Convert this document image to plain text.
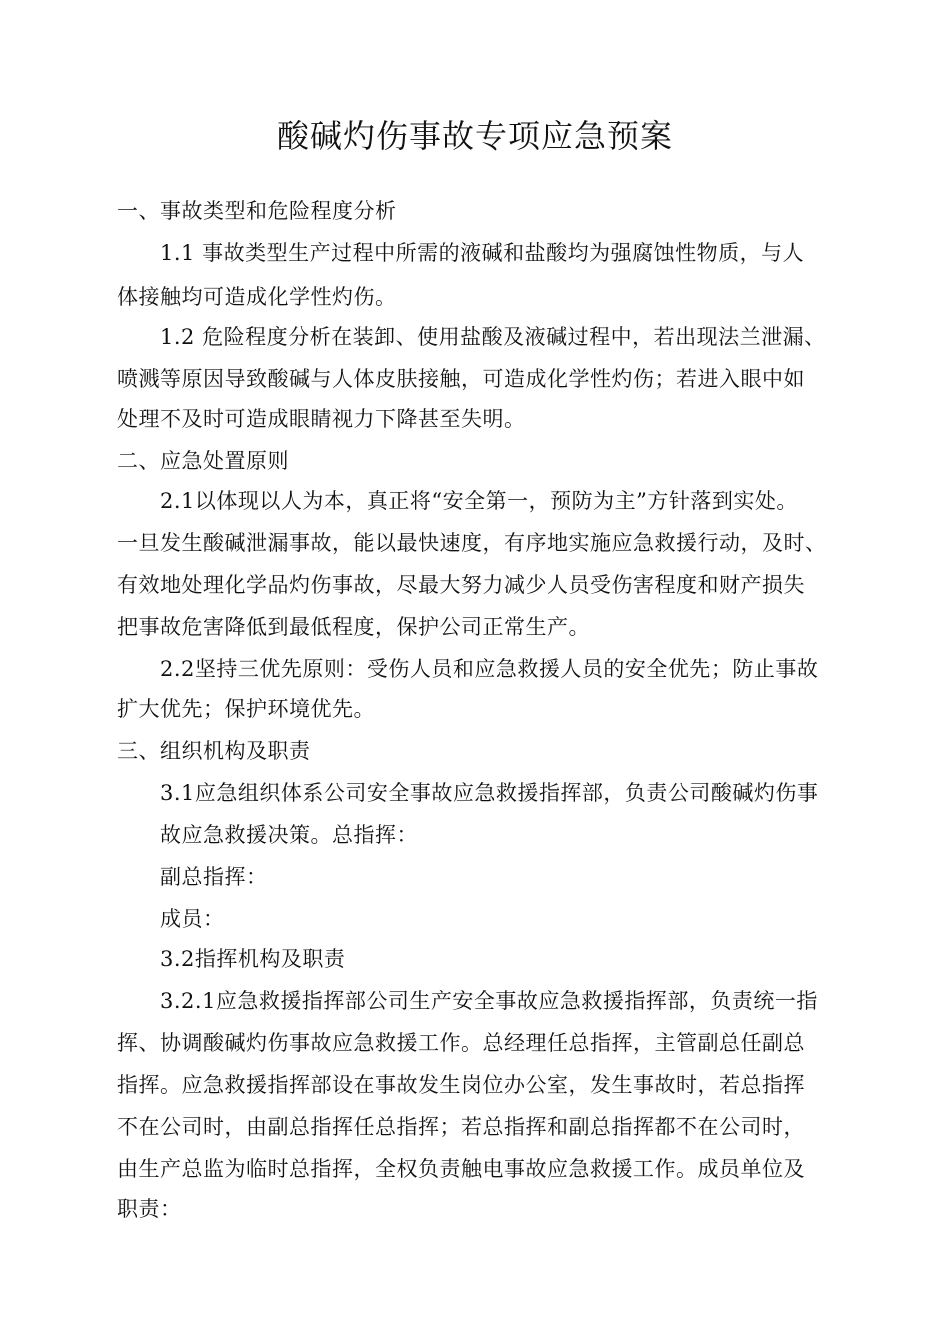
酸碱灼伤事故专项应急预案
一、事故类型和危险程度分析
1.1 事故类型生产过程中所需的液碱和盐酸均为强腐蚀性物质，与人
体接触均可造成化学性灼伤。
1.2 危险程度分析在装卸、使用盐酸及液碱过程中，若出现法兰泄漏、
喷溅等原因导致酸碱与人体皮肤接触，可造成化学性灼伤；若进入眼中如
处理不及时可造成眼睛视力下降甚至失明。
二、应急处置原则
2.1以体现以人为本，真正将“安全第一，预防为主”方针落到实处。
一旦发生酸碱泄漏事故，能以最快速度，有序地实施应急救援行动，及时、
有效地处理化学品灼伤事故，尽最大努力减少人员受伤害程度和财产损失
把事故危害降低到最低程度，保护公司正常生产。
2.2坚持三优先原则：受伤人员和应急救援人员的安全优先；防止事故
扩大优先；保护环境优先。
三、组织机构及职责
3.1应急组织体系公司安全事故应急救援指挥部，负责公司酸碱灼伤事
故应急救援决策。总指挥：
副总指挥：
成员：
3.2指挥机构及职责
3.2.1应急救援指挥部公司生产安全事故应急救援指挥部，负责统一指
挥、协调酸碱灼伤事故应急救援工作。总经理任总指挥，主管副总任副总
指挥。应急救援指挥部设在事故发生岗位办公室，发生事故时，若总指挥
不在公司时，由副总指挥任总指挥；若总指挥和副总指挥都不在公司时，
由生产总监为临时总指挥，全权负责触电事故应急救援工作。成员单位及
职责：
